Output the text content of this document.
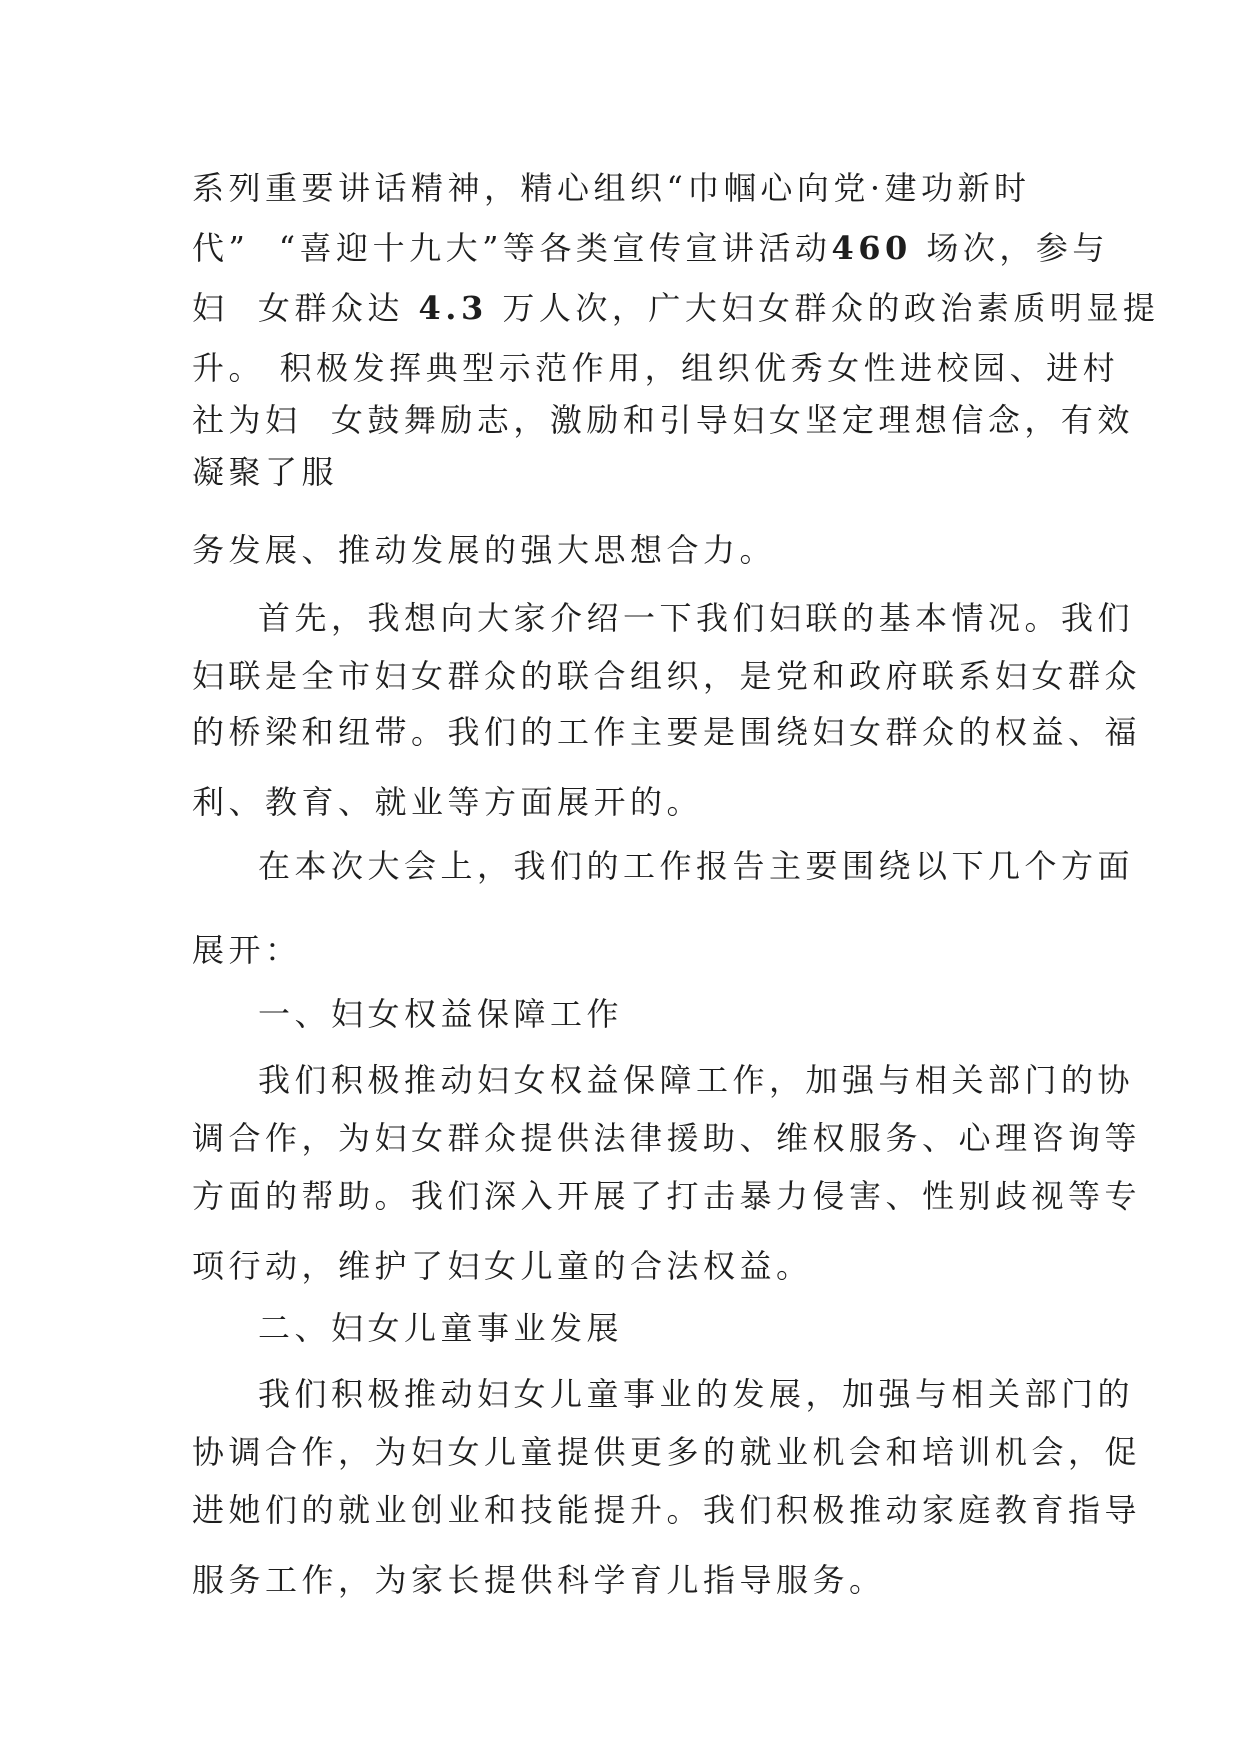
系列重要讲话精神，精心组织“巾帼心向党·建功新时
代”  “喜迎十九大”等各类宣传宣讲活动460 场次，参与
妇  女群众达 4.3 万人次，广大妇女群众的政治素质明显提
升。 积极发挥典型示范作用，组织优秀女性进校园、进村
社为妇  女鼓舞励志，激励和引导妇女坚定理想信念，有效
凝聚了服
务发展、推动发展的强大思想合力。
首先，我想向大家介绍一下我们妇联的基本情况。我们
妇联是全市妇女群众的联合组织，是党和政府联系妇女群众
的桥梁和纽带。我们的工作主要是围绕妇女群众的权益、福
利、教育、就业等方面展开的。
在本次大会上，我们的工作报告主要围绕以下几个方面
展开：
一、妇女权益保障工作
我们积极推动妇女权益保障工作，加强与相关部门的协
调合作，为妇女群众提供法律援助、维权服务、心理咨询等
方面的帮助。我们深入开展了打击暴力侵害、性别歧视等专
项行动，维护了妇女儿童的合法权益。
二、妇女儿童事业发展
我们积极推动妇女儿童事业的发展，加强与相关部门的
协调合作，为妇女儿童提供更多的就业机会和培训机会，促
进她们的就业创业和技能提升。我们积极推动家庭教育指导
服务工作，为家长提供科学育儿指导服务。
